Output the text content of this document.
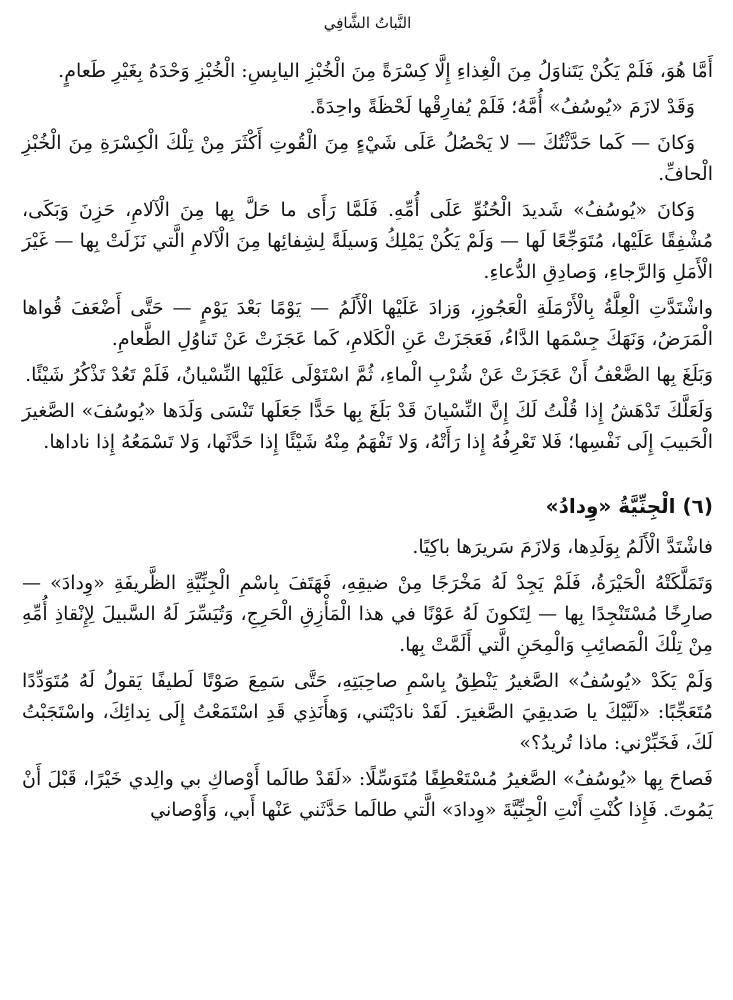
النَّباتُ الشَّافِي

أَمَّا هُوَ، فَلَمْ يَكُنْ يَتَناوَلُ مِنَ الْغِذاءِ إِلَّا كِسْرَةً مِنَ الْخُبْزِ اليابِسِ: الْخُبْزِ وَحْدَهُ بِغَيْرِ طَعامٍ.

وَقَدْ لازَمَ «يُوسُفُ» أُمَّهُ؛ فَلَمْ يُفارِقْها لَحْظَةً واحِدَةً.

وَكانَ — كَما حَدَّثْتُكَ — لا يَحْصُلُ عَلَى شَيْءٍ مِنَ الْقُوتِ أَكْثَرَ مِنْ تِلْكَ الْكِسْرَةِ مِنَ الْخُبْزِ الْحافِّ.

وَكانَ «يُوسُفُ» شَديدَ الْحُنُوِّ عَلَى أُمِّهِ. فَلَمَّا رَأَى ما حَلَّ بِها مِنَ الْآلامِ، حَزِنَ وَبَكَى، مُشْفِقًا عَلَيْها، مُتَوَجِّعًا لَها — وَلَمْ يَكُنْ يَمْلِكُ وَسيلَةً لِشِفائِها مِنَ الْآلامِ الَّتي نَزَلَتْ بِها — غَيْرَ الْأَمَلِ وَالرَّجاءِ، وَصادِقِ الدُّعاءِ.

واشْتَدَّتِ الْعِلَّةُ بِالْأَرْمَلَةِ الْعَجُوزِ، وَزادَ عَلَيْها الْأَلَمُ — يَوْمًا بَعْدَ يَوْمٍ — حَتَّى أَضْعَفَ قُواها الْمَرَضُ، وَنَهَكَ جِسْمَها الدَّاءُ، فَعَجَزَتْ عَنِ الْكَلامِ، كَما عَجَزَتْ عَنْ تَناوُلِ الطَّعامِ.

وَبَلَغَ بِها الضَّعْفُ أَنْ عَجَزَتْ عَنْ شُرْبِ الْماءِ، ثُمَّ اسْتَوْلَى عَلَيْها النِّسْيانُ، فَلَمْ تَعُدْ تَذْكُرُ شَيْئًا.

وَلَعَلَّكَ تَدْهَشُ إِذا قُلْتُ لَكَ إِنَّ النِّسْيانَ قَدْ بَلَغَ بِها حَدًّا جَعَلَها تَنْسَى وَلَدَها «يُوسُفَ» الصَّغيرَ الْحَبيبَ إِلَى نَفْسِها؛ فَلا تَعْرِفُهُ إِذا رَأَتْهُ، وَلا تَفْهَمُ مِنْهُ شَيْئًا إِذا حَدَّثَها، وَلا تَسْمَعُهُ إِذا ناداها.

(٦) الْجِنِّيَّةُ «وِدادُ»

فاشْتَدَّ الْأَلَمُ بِوَلَدِها، وَلازَمَ سَريرَها باكِيًا.

وَتَمَلَّكَتْهُ الْحَيْرَةُ، فَلَمْ يَجِدْ لَهُ مَخْرَجًا مِنْ ضيقِهِ، فَهَتَفَ بِاسْمِ الْجِنِّيَّةِ الظَّريفَةِ «وِدادَ» — صارِخًا مُسْتَنْجِدًا بِها — لِتَكونَ لَهُ عَوْنًا في هذا الْمَأْزِقِ الْحَرِجِ، وَتُيَسِّرَ لَهُ السَّبيلَ لِإِنْقاذِ أُمِّهِ مِنْ تِلْكَ الْمَصائِبِ وَالْمِحَنِ الَّتي أَلَمَّتْ بِها.

وَلَمْ يَكَدْ «يُوسُفُ» الصَّغيرُ يَنْطِقُ بِاسْمِ صاحِبَتِهِ، حَتَّى سَمِعَ صَوْتًا لَطيفًا يَقولُ لَهُ مُتَوَدِّدًا مُتَعَجِّبًا: «لَبَّيْكَ يا صَديقِيَ الصَّغيرَ. لَقَدْ نادَيْتَني، وَهأَنَذِي قَدِ اسْتَمَعْتُ إِلَى نِدائِكَ، واسْتَجَبْتُ لَكَ، فَخَبِّرْني: ماذا تُريدُ؟»

فَصاحَ بِها «يُوسُفُ» الصَّغيرُ مُسْتَعْطِفًا مُتَوَسِّلًا: «لَقَدْ طالَما أَوْصاكِ بي والِدي خَيْرًا، قَبْلَ أَنْ يَمُوتَ. فَإِذا كُنْتِ أَنْتِ الْجِنِّيَّةَ «وِدادَ» الَّتي طالَما حَدَّثَني عَنْها أَبي، وَأَوْصاني
